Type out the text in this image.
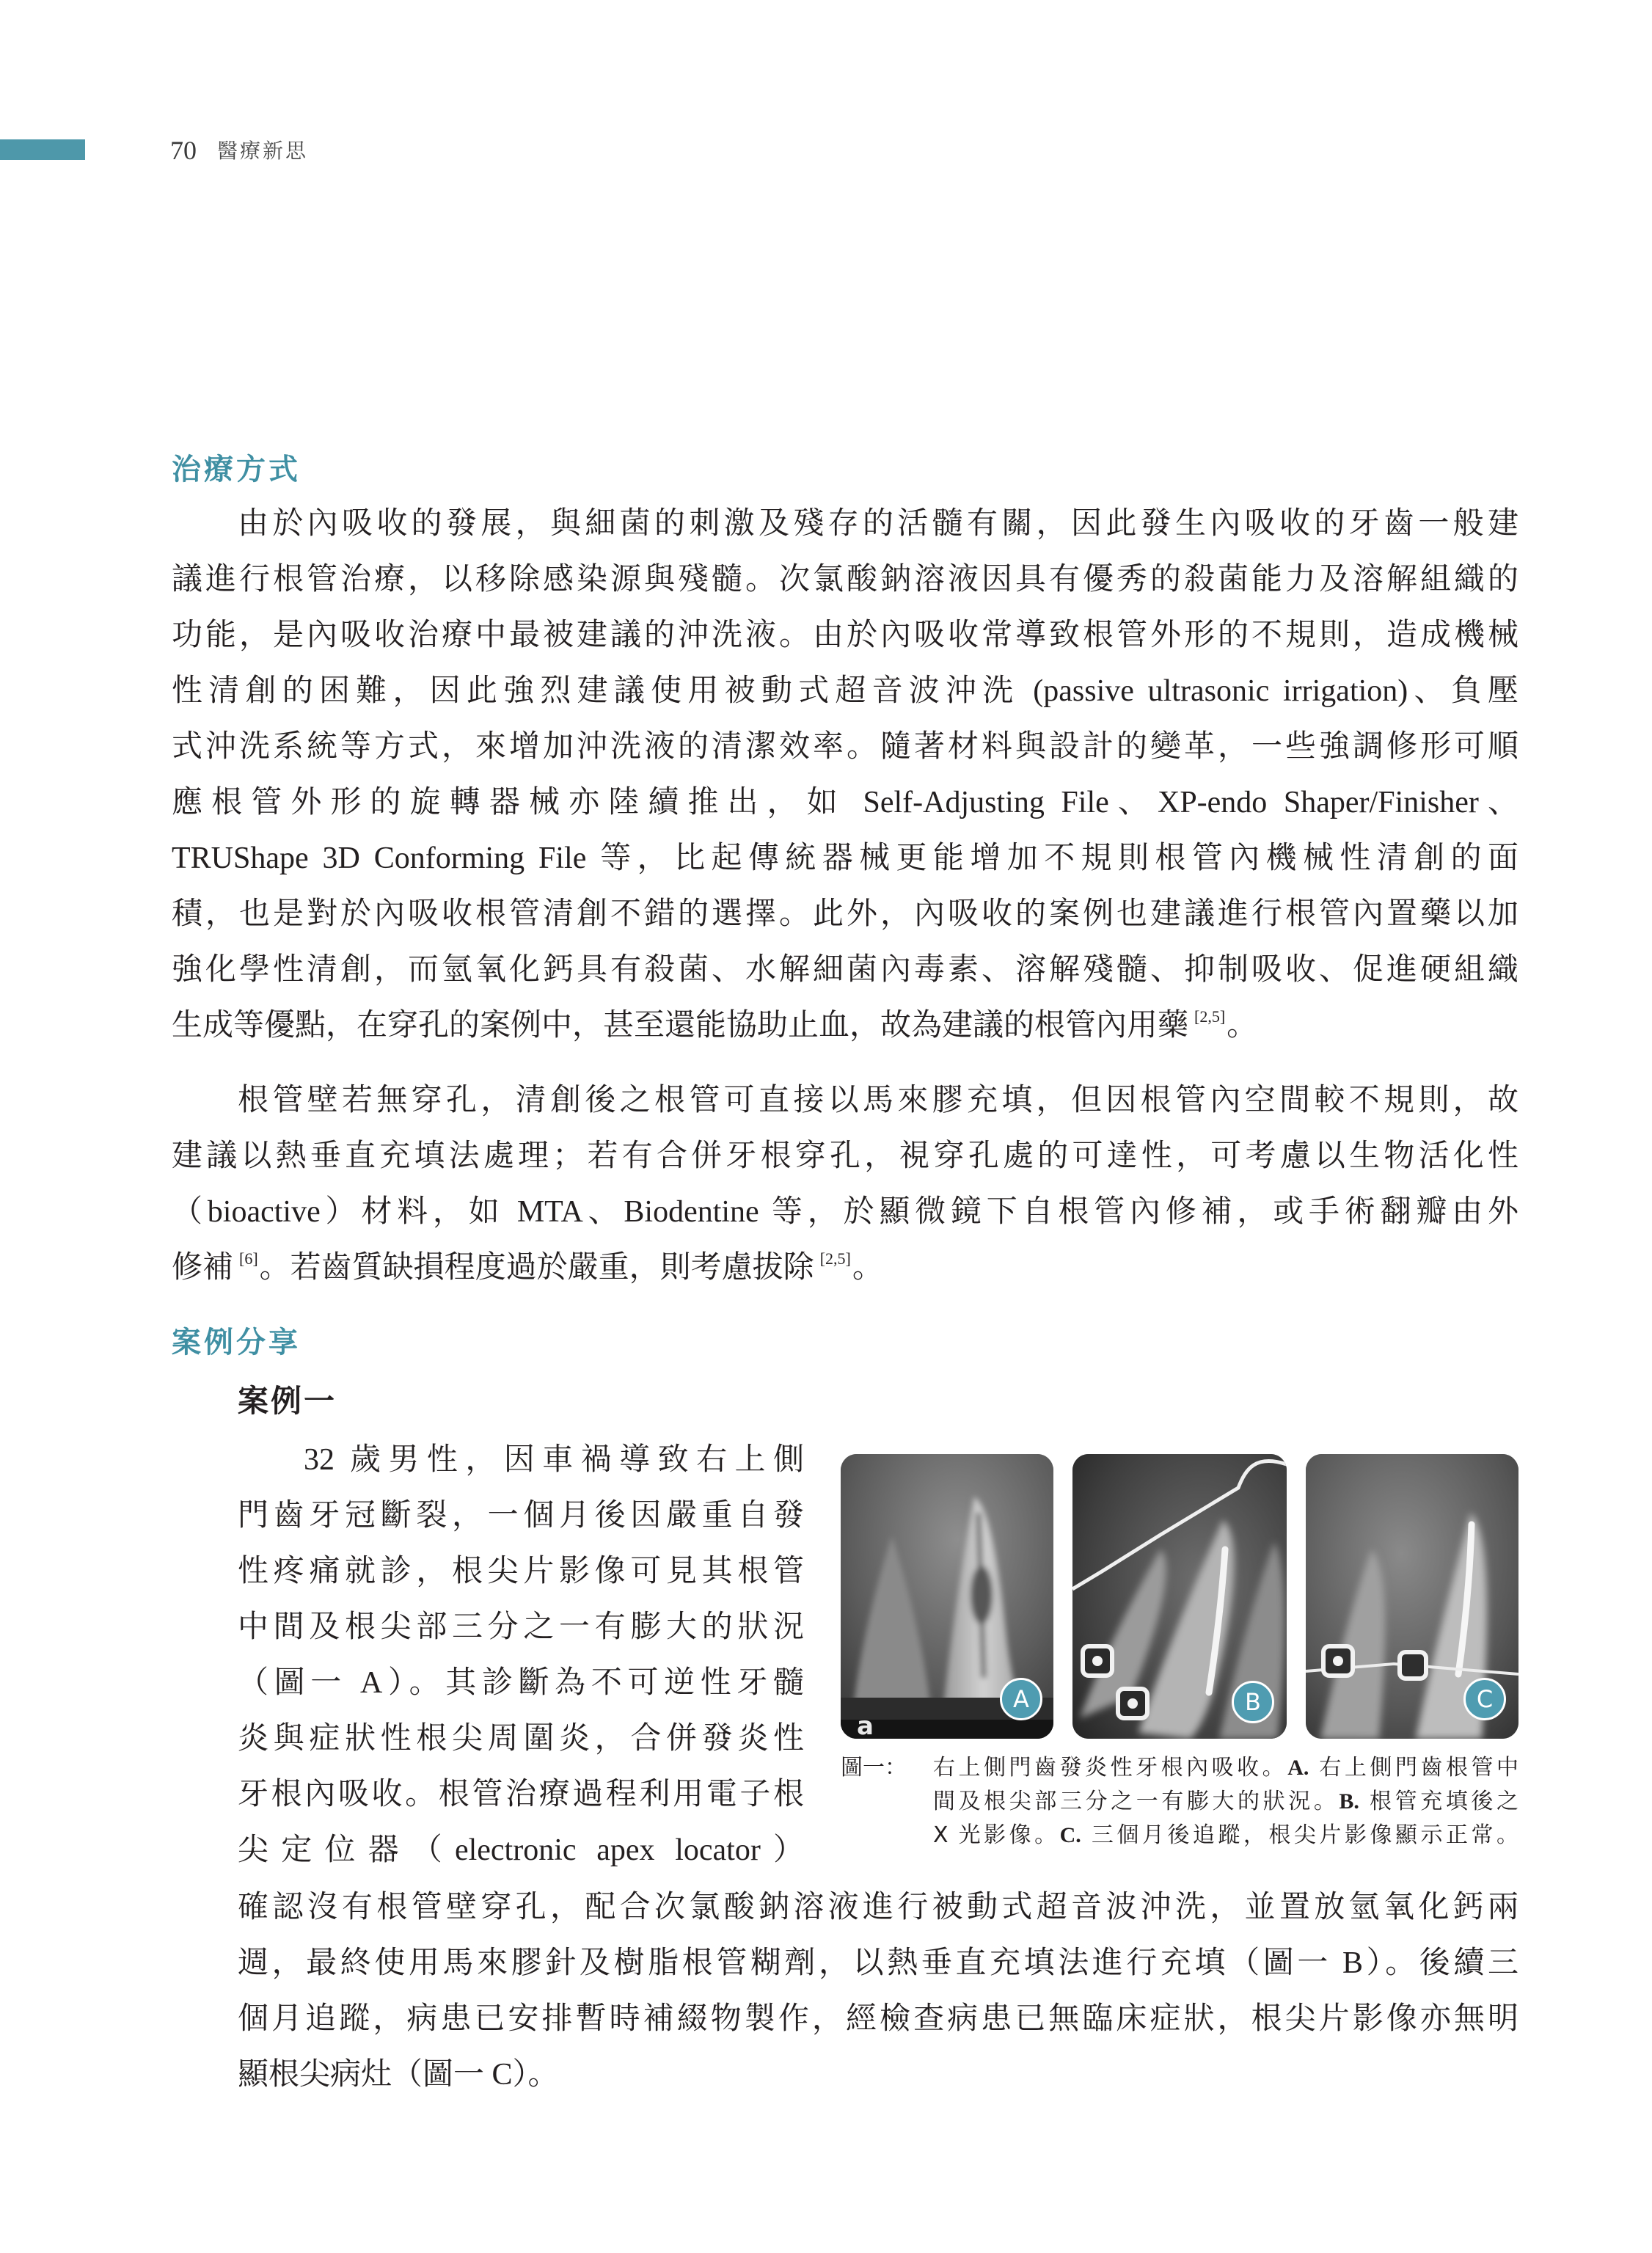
70 醫療新思
治療方式
由於內吸收的發展，與細菌的刺激及殘存的活髓有關，因此發生內吸收的牙齒一般建
議進行根管治療，以移除感染源與殘髓。次氯酸鈉溶液因具有優秀的殺菌能力及溶解組織的
功能，是內吸收治療中最被建議的沖洗液。由於內吸收常導致根管外形的不規則，造成機械
性清創的困難，因此強烈建議使用被動式超音波沖洗 (passive ultrasonic irrigation)、負壓
式沖洗系統等方式，來增加沖洗液的清潔效率。隨著材料與設計的變革，一些強調修形可順
應根管外形的旋轉器械亦陸續推出，如 Self-Adjusting File、XP-endo Shaper/Finisher、
TRUShape 3D Conforming File 等，比起傳統器械更能增加不規則根管內機械性清創的面
積，也是對於內吸收根管清創不錯的選擇。此外，內吸收的案例也建議進行根管內置藥以加
強化學性清創，而氫氧化鈣具有殺菌、水解細菌內毒素、溶解殘髓、抑制吸收、促進硬組織
生成等優點，在穿孔的案例中，甚至還能協助止血，故為建議的根管內用藥 [2,5]。
根管壁若無穿孔，清創後之根管可直接以馬來膠充填，但因根管內空間較不規則，故
建議以熱垂直充填法處理；若有合併牙根穿孔，視穿孔處的可達性，可考慮以生物活化性
（bioactive）材料，如 MTA、Biodentine 等，於顯微鏡下自根管內修補，或手術翻瓣由外
修補 [6]。若齒質缺損程度過於嚴重，則考慮拔除 [2,5]。
案例分享
案例一
32 歲男性，因車禍導致右上側
門齒牙冠斷裂，一個月後因嚴重自發
性疼痛就診，根尖片影像可見其根管
中間及根尖部三分之一有膨大的狀況
（圖一 A）。其診斷為不可逆性牙髓
炎與症狀性根尖周圍炎，合併發炎性
牙根內吸收。根管治療過程利用電子根
尖定位器（electronic apex locator）
確認沒有根管壁穿孔，配合次氯酸鈉溶液進行被動式超音波沖洗，並置放氫氧化鈣兩
週，最終使用馬來膠針及樹脂根管糊劑，以熱垂直充填法進行充填（圖一 B）。後續三
個月追蹤，病患已安排暫時補綴物製作，經檢查病患已無臨床症狀，根尖片影像亦無明
顯根尖病灶（圖一 C）。
a
A	B	C
圖一： 右上側門齒發炎性牙根內吸收。A. 右上側門齒根管中
間及根尖部三分之一有膨大的狀況。B. 根管充填後之
X 光影像。C. 三個月後追蹤，根尖片影像顯示正常。
